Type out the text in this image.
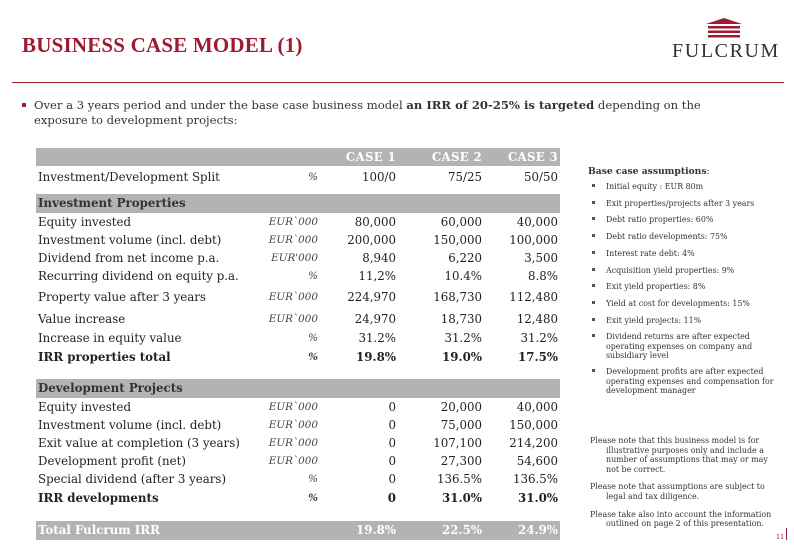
BUSINESS CASE MODEL (1)	FULCRUM
Over a 3 years period and under the base case business model an IRR of 20-25% is targeted depending on the exposure to development projects:
CASE 1	CASE 2	CASE 3
Investment/Development Split	%	100/0	75/25	50/50
Investment Properties
Equity invested	EUR`000	80,000	60,000	40,000
Investment volume (incl. debt)	EUR`000	200,000	150,000	100,000
Dividend from net income p.a.	EUR'000	8,940	6,220	3,500
Recurring dividend on equity p.a.	%	11,2%	10.4%	8.8%
Property value after 3 years	EUR`000	224,970	168,730	112,480
Value increase	EUR`000	24,970	18,730	12,480
Increase in equity value	%	31.2%	31.2%	31.2%
IRR properties total	%	19.8%	19.0%	17.5%
Development Projects
Equity invested	EUR`000	0	20,000	40,000
Investment volume (incl. debt)	EUR`000	0	75,000	150,000
Exit value at completion (3 years)	EUR`000	0	107,100	214,200
Development profit (net)	EUR`000	0	27,300	54,600
Special dividend (after 3 years)	%	0	136.5%	136.5%
IRR developments	%	0	31.0%	31.0%
Total Fulcrum IRR	19.8%	22.5%	24.9%
Base case assumptions:
Initial equity : EUR 80m
Exit properties/projects after 3 years
Debt ratio properties: 60%
Debt ratio developments: 75%
Interest rate debt: 4%
Acquisition yield properties: 9%
Exit yield properties: 8%
Yield at cost for developments: 15%
Exit yield projects: 11%
Dividend returns are after expected operating expenses on company and subsidiary level
Development profits are after expected operating expenses and compensation for development manager
Please note that this business model is for
illustrative purposes only and include a number of assumptions that may or may not be correct.
Please note that assumptions are subject to
legal and tax diligence.
Please take also into account the information
outlined on page 2 of this presentation.
11
